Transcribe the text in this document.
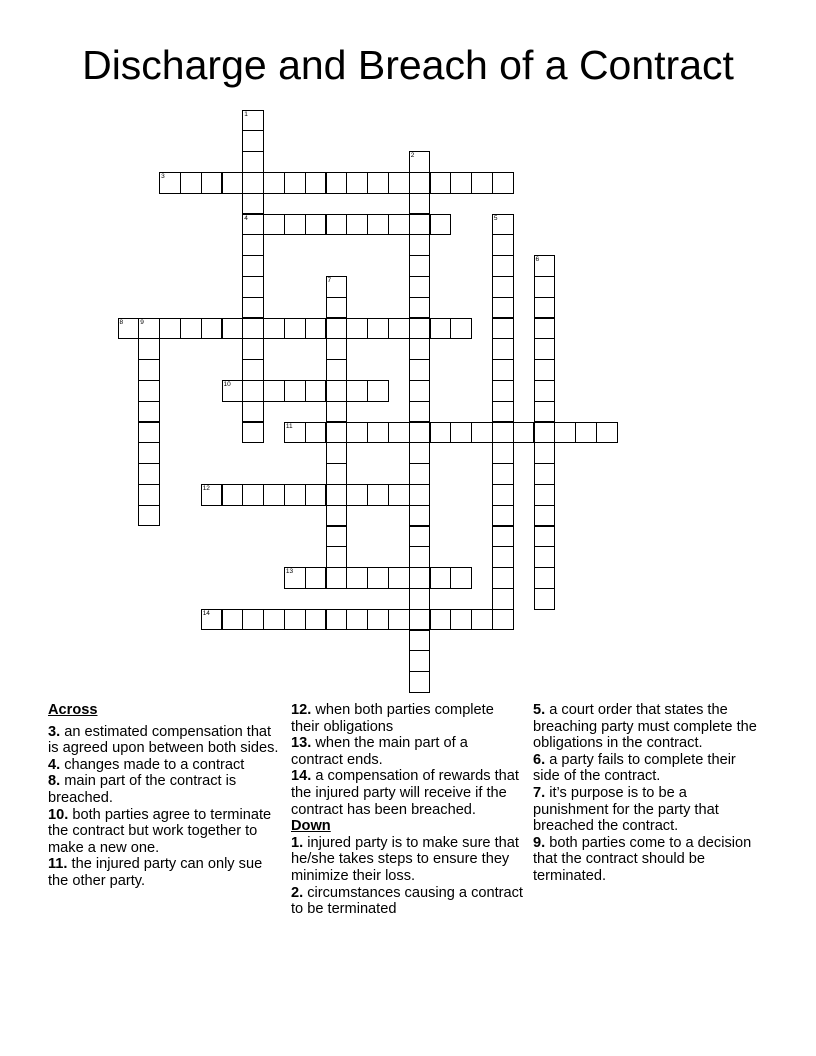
Discharge and Breach of a Contract
1
4
2
3
5
6
7
8	9
10
11
12
13
14
Across
3. an estimated compensation that is agreed upon between both sides.
4. changes made to a contract
8. main part of the contract is breached.
10. both parties agree to terminate the contract but work together to make a new one.
11. the injured party can only sue the other party.
12. when both parties complete their obligations
13. when the main part of a contract ends.
14. a compensation of rewards that the injured party will receive if the contract has been breached.
Down
1. injured party is to make sure that he/she takes steps to ensure they minimize their loss.
2. circumstances causing a contract to be terminated
5. a court order that states the breaching party must complete the obligations in the contract.
6. a party fails to complete their side of the contract.
7. it’s purpose is to be a punishment for the party that breached the contract.
9. both parties come to a decision that the contract should be terminated.
